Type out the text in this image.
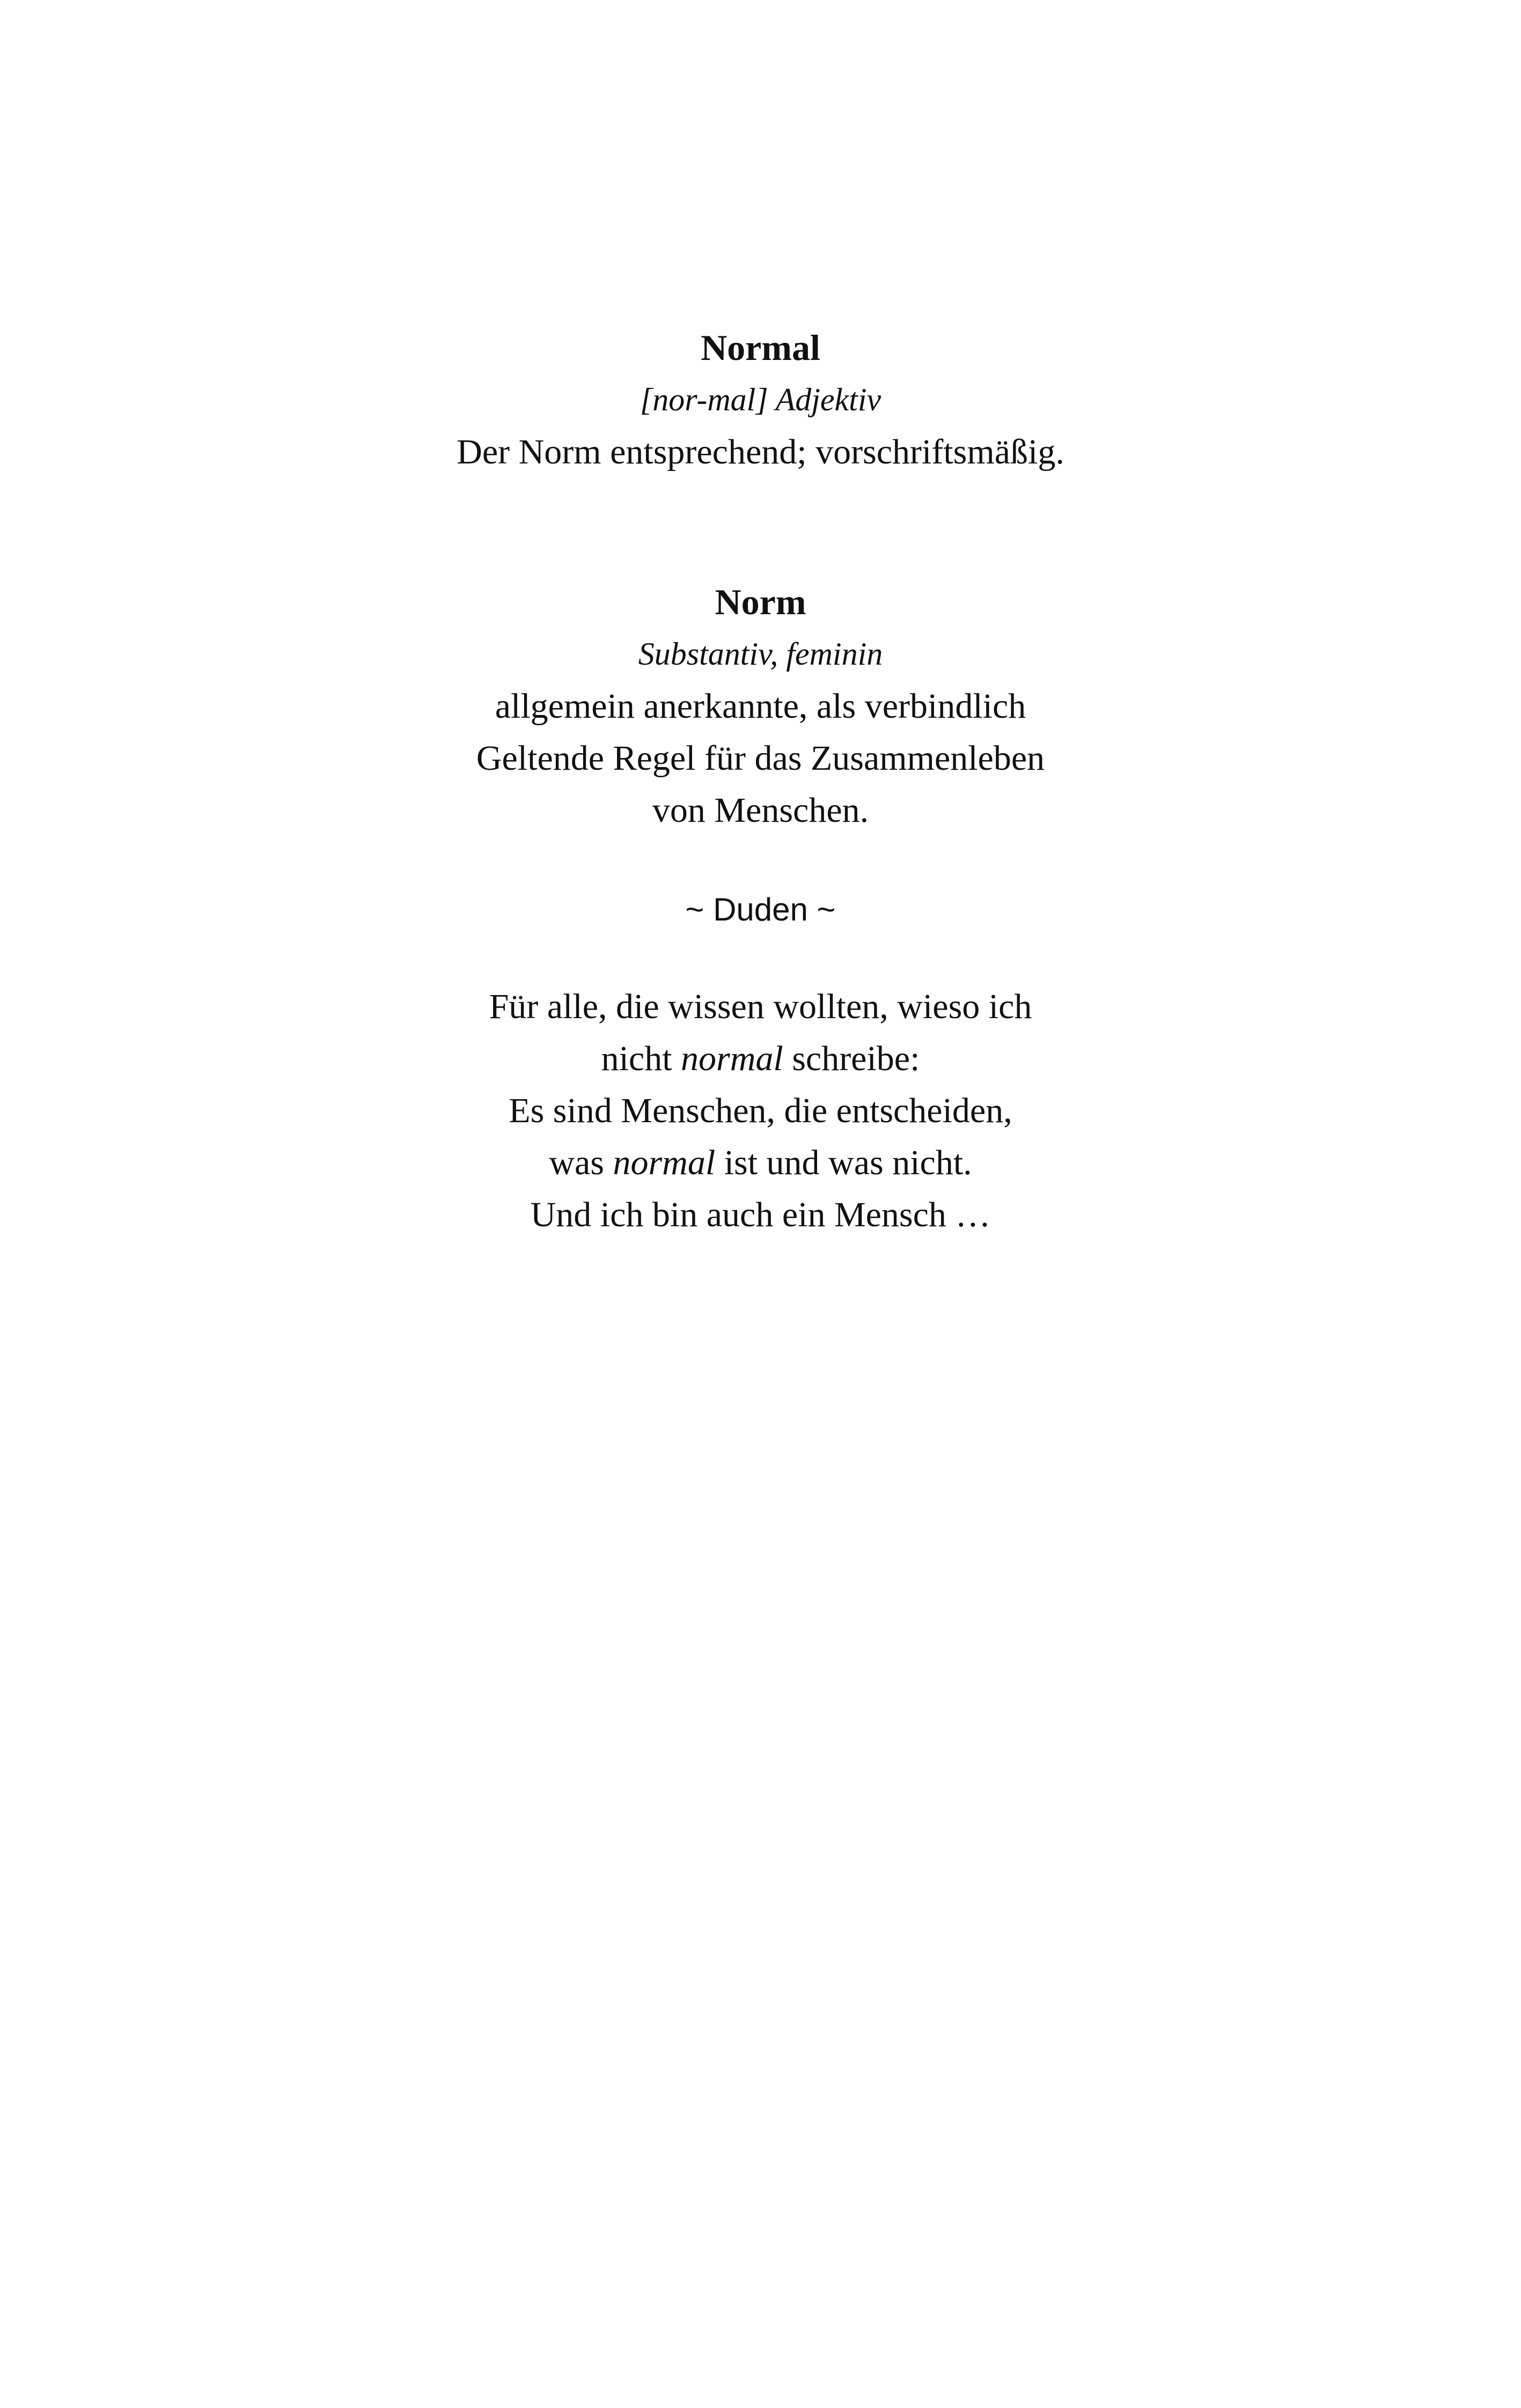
Normal
[nor-mal] Adjektiv
Der Norm entsprechend; vorschriftsmäßig.
Norm
Substantiv, feminin
allgemein anerkannte, als verbindlich
Geltende Regel für das Zusammenleben
von Menschen.
~ Duden ~
Für alle, die wissen wollten, wieso ich
nicht normal schreibe:
Es sind Menschen, die entscheiden,
was normal ist und was nicht.
Und ich bin auch ein Mensch …
